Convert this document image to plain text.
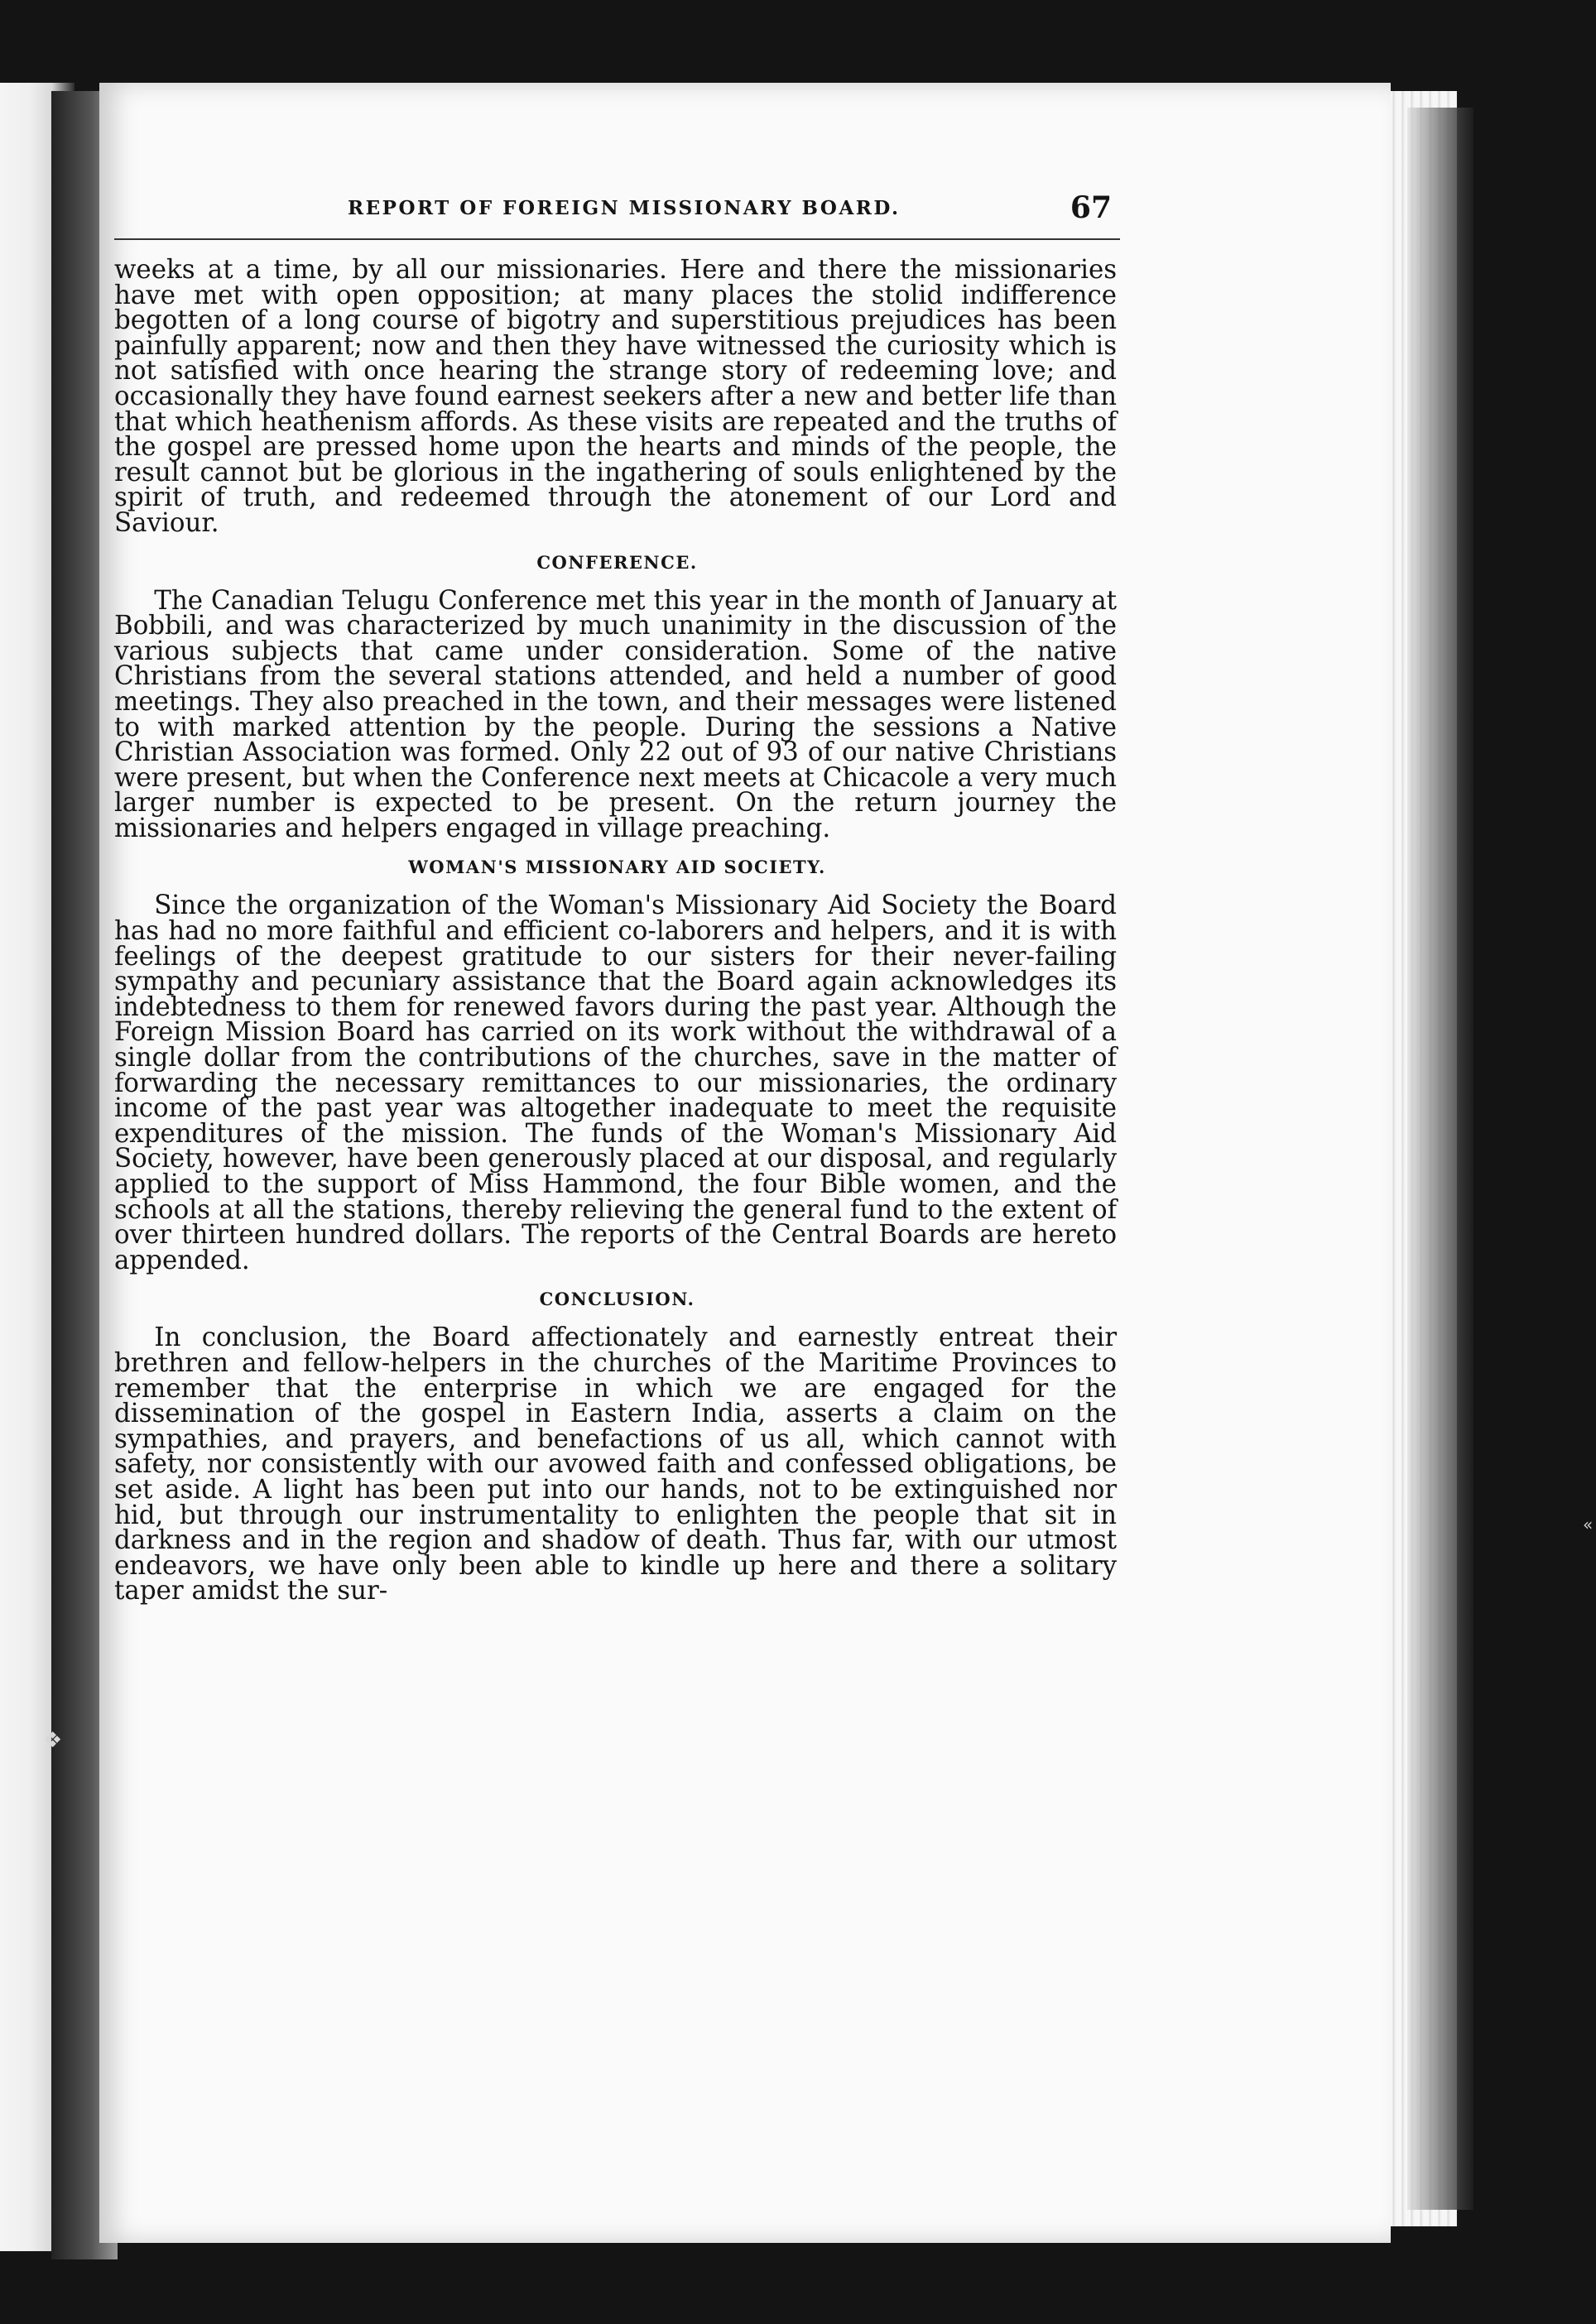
❖
«
REPORT OF FOREIGN MISSIONARY BOARD.	67

weeks at a time, by all our missionaries. Here and there the missionaries have met with open opposition; at many places the stolid indifference begotten of a long course of bigotry and superstitious prejudices has been painfully apparent; now and then they have witnessed the curiosity which is not satisfied with once hearing the strange story of redeeming love; and occasionally they have found earnest seekers after a new and better life than that which heathenism affords. As these visits are repeated and the truths of the gospel are pressed home upon the hearts and minds of the people, the result cannot but be glorious in the ingathering of souls enlightened by the spirit of truth, and redeemed through the atonement of our Lord and Saviour.

CONFERENCE.

The Canadian Telugu Conference met this year in the month of January at Bobbili, and was characterized by much unanimity in the discussion of the various subjects that came under consideration. Some of the native Christians from the several stations attended, and held a number of good meetings. They also preached in the town, and their messages were listened to with marked attention by the people. During the sessions a Native Christian Association was formed. Only 22 out of 93 of our native Christians were present, but when the Conference next meets at Chicacole a very much larger number is expected to be present. On the return journey the missionaries and helpers engaged in village preaching.

WOMAN'S MISSIONARY AID SOCIETY.

Since the organization of the Woman's Missionary Aid Society the Board has had no more faithful and efficient co-laborers and helpers, and it is with feelings of the deepest gratitude to our sisters for their never-failing sympathy and pecuniary assistance that the Board again acknowledges its indebtedness to them for renewed favors during the past year. Although the Foreign Mission Board has carried on its work without the withdrawal of a single dollar from the contributions of the churches, save in the matter of forwarding the necessary remittances to our missionaries, the ordinary income of the past year was altogether inadequate to meet the requisite expenditures of the mission. The funds of the Woman's Missionary Aid Society, however, have been generously placed at our disposal, and regularly applied to the support of Miss Hammond, the four Bible women, and the schools at all the stations, thereby relieving the general fund to the extent of over thirteen hundred dollars. The reports of the Central Boards are hereto appended.

CONCLUSION.

In conclusion, the Board affectionately and earnestly entreat their brethren and fellow-helpers in the churches of the Maritime Provinces to remember that the enterprise in which we are engaged for the dissemination of the gospel in Eastern India, asserts a claim on the sympathies, and prayers, and benefactions of us all, which cannot with safety, nor consistently with our avowed faith and confessed obligations, be set aside. A light has been put into our hands, not to be extinguished nor hid, but through our instrumentality to enlighten the people that sit in darkness and in the region and shadow of death. Thus far, with our utmost endeavors, we have only been able to kindle up here and there a solitary taper amidst the sur-
